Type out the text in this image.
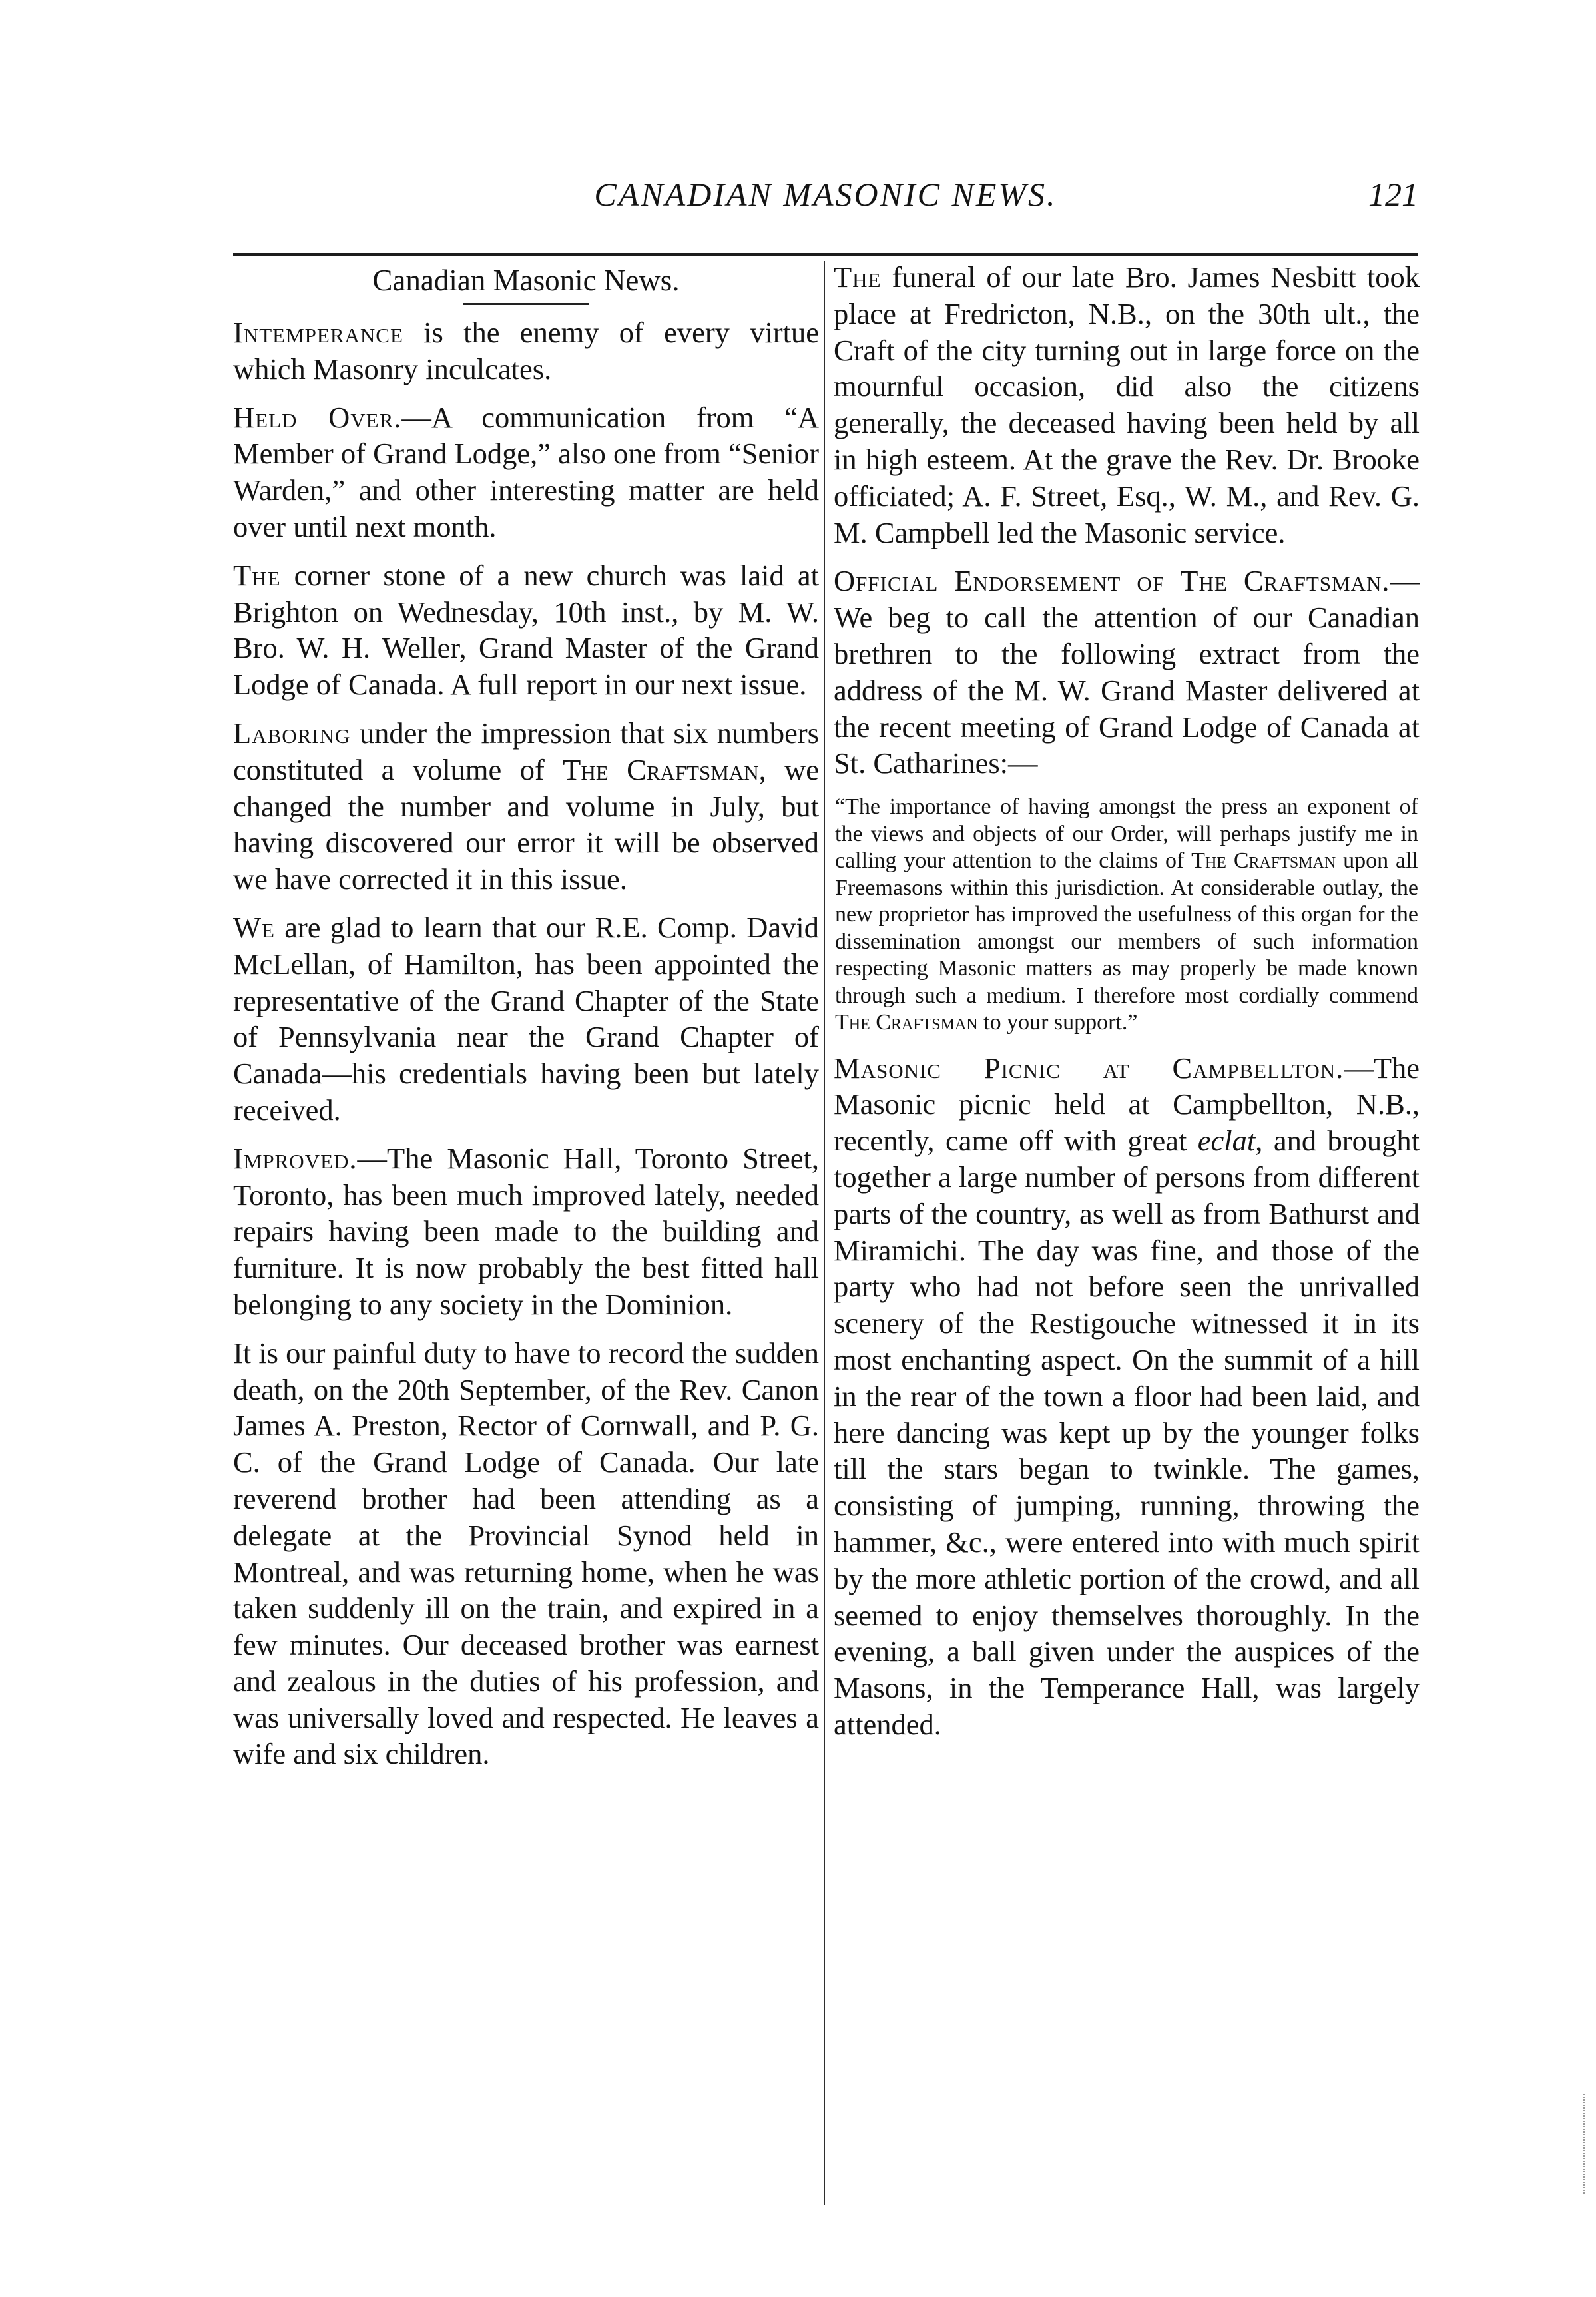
CANADIAN MASONIC NEWS.	121
Canadian Masonic News.

Intemperance is the enemy of every virtue which Masonry inculcates.

Held Over.—A communication from “A Member of Grand Lodge,” also one from “Senior Warden,” and other interesting matter are held over until next month.

The corner stone of a new church was laid at Brighton on Wednesday, 10th inst., by M. W. Bro. W. H. Weller, Grand Master of the Grand Lodge of Canada. A full report in our next issue.

Laboring under the impression that six numbers constituted a volume of The Craftsman, we changed the number and volume in July, but having discovered our error it will be observed we have corrected it in this issue.

We are glad to learn that our R.E. Comp. David McLellan, of Hamilton, has been appointed the representative of the Grand Chapter of the State of Pennsylvania near the Grand Chapter of Canada—his credentials having been but lately received.

Improved.—The Masonic Hall, Toronto Street, Toronto, has been much improved lately, needed repairs having been made to the building and furniture. It is now probably the best fitted hall belonging to any society in the Dominion.

It is our painful duty to have to record the sudden death, on the 20th September, of the Rev. Canon James A. Preston, Rector of Cornwall, and P. G. C. of the Grand Lodge of Canada. Our late reverend brother had been attending as a delegate at the Provincial Synod held in Montreal, and was returning home, when he was taken suddenly ill on the train, and expired in a few minutes. Our deceased brother was earnest and zealous in the duties of his profession, and was universally loved and respected. He leaves a wife and six children.

The funeral of our late Bro. James Nesbitt took place at Fredricton, N.B., on the 30th ult., the Craft of the city turning out in large force on the mournful occasion, did also the citizens generally, the deceased having been held by all in high esteem. At the grave the Rev. Dr. Brooke officiated; A. F. Street, Esq., W. M., and Rev. G. M. Campbell led the Masonic service.

Official Endorsement of The Craftsman.—We beg to call the attention of our Canadian brethren to the following extract from the address of the M. W. Grand Master delivered at the recent meeting of Grand Lodge of Canada at St. Catharines:—

“The importance of having amongst the press an exponent of the views and objects of our Order, will perhaps justify me in calling your attention to the claims of The Craftsman upon all Freemasons within this jurisdiction. At considerable outlay, the new proprietor has improved the usefulness of this organ for the dissemination amongst our members of such information respecting Masonic matters as may properly be made known through such a medium. I therefore most cordially commend The Craftsman to your support.”

Masonic Picnic at Campbellton.—The Masonic picnic held at Campbellton, N.B., recently, came off with great eclat, and brought together a large number of persons from different parts of the country, as well as from Bathurst and Miramichi. The day was fine, and those of the party who had not before seen the unrivalled scenery of the Restigouche witnessed it in its most enchanting aspect. On the summit of a hill in the rear of the town a floor had been laid, and here dancing was kept up by the younger folks till the stars began to twinkle. The games, consisting of jumping, running, throwing the hammer, &c., were entered into with much spirit by the more athletic portion of the crowd, and all seemed to enjoy themselves thoroughly. In the evening, a ball given under the auspices of the Masons, in the Temperance Hall, was largely attended.
